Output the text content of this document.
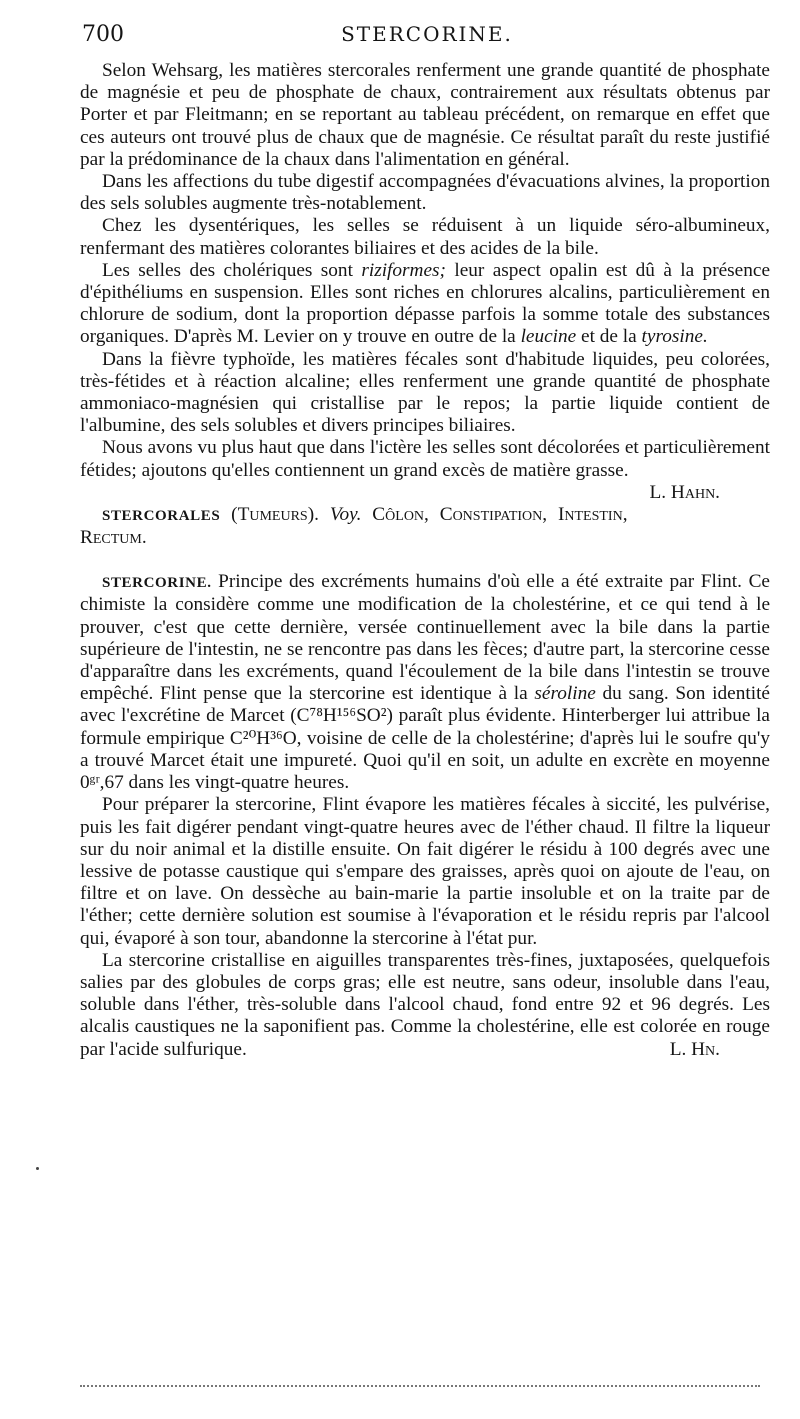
700	STERCORINE.

Selon Wehsarg, les matières stercorales renferment une grande quantité de phosphate de magnésie et peu de phosphate de chaux, contrairement aux résultats obtenus par Porter et par Fleitmann; en se reportant au tableau précédent, on remarque en effet que ces auteurs ont trouvé plus de chaux que de magnésie. Ce résultat paraît du reste justifié par la prédominance de la chaux dans l'alimentation en général.

Dans les affections du tube digestif accompagnées d'évacuations alvines, la proportion des sels solubles augmente très-notablement.

Chez les dysentériques, les selles se réduisent à un liquide séro-albumineux, renfermant des matières colorantes biliaires et des acides de la bile.

Les selles des cholériques sont riziformes; leur aspect opalin est dû à la présence d'épithéliums en suspension. Elles sont riches en chlorures alcalins, particulièrement en chlorure de sodium, dont la proportion dépasse parfois la somme totale des substances organiques. D'après M. Levier on y trouve en outre de la leucine et de la tyrosine.

Dans la fièvre typhoïde, les matières fécales sont d'habitude liquides, peu colorées, très-fétides et à réaction alcaline; elles renferment une grande quantité de phosphate ammoniaco-magnésien qui cristallise par le repos; la partie liquide contient de l'albumine, des sels solubles et divers principes biliaires.

Nous avons vu plus haut que dans l'ictère les selles sont décolorées et particulièrement fétides; ajoutons qu'elles contiennent un grand excès de matière grasse.
L. Hahn.

STERCORALES (Tumeurs). Voy. Côlon, Constipation, Intestin, Rectum.

STERCORINE. Principe des excréments humains d'où elle a été extraite par Flint. Ce chimiste la considère comme une modification de la cholestérine, et ce qui tend à le prouver, c'est que cette dernière, versée continuellement avec la bile dans la partie supérieure de l'intestin, ne se rencontre pas dans les fèces; d'autre part, la stercorine cesse d'apparaître dans les excréments, quand l'écoulement de la bile dans l'intestin se trouve empêché. Flint pense que la stercorine est identique à la séroline du sang. Son identité avec l'excrétine de Marcet (C⁷⁸H¹⁵⁶SO²) paraît plus évidente. Hinterberger lui attribue la formule empirique C²⁰H³⁶O, voisine de celle de la cholestérine; d'après lui le soufre qu'y a trouvé Marcet était une impureté. Quoi qu'il en soit, un adulte en excrète en moyenne 0ᵍʳ,67 dans les vingt-quatre heures.

Pour préparer la stercorine, Flint évapore les matières fécales à siccité, les pulvérise, puis les fait digérer pendant vingt-quatre heures avec de l'éther chaud. Il filtre la liqueur sur du noir animal et la distille ensuite. On fait digérer le résidu à 100 degrés avec une lessive de potasse caustique qui s'empare des graisses, après quoi on ajoute de l'eau, on filtre et on lave. On dessèche au bain-marie la partie insoluble et on la traite par de l'éther; cette dernière solution est soumise à l'évaporation et le résidu repris par l'alcool qui, évaporé à son tour, abandonne la stercorine à l'état pur.

La stercorine cristallise en aiguilles transparentes très-fines, juxtaposées, quelquefois salies par des globules de corps gras; elle est neutre, sans odeur, insoluble dans l'eau, soluble dans l'éther, très-soluble dans l'alcool chaud, fond entre 92 et 96 degrés. Les alcalis caustiques ne la saponifient pas. Comme la cholestérine, elle est colorée en rouge par l'acide sulfurique.	L. Hn.
